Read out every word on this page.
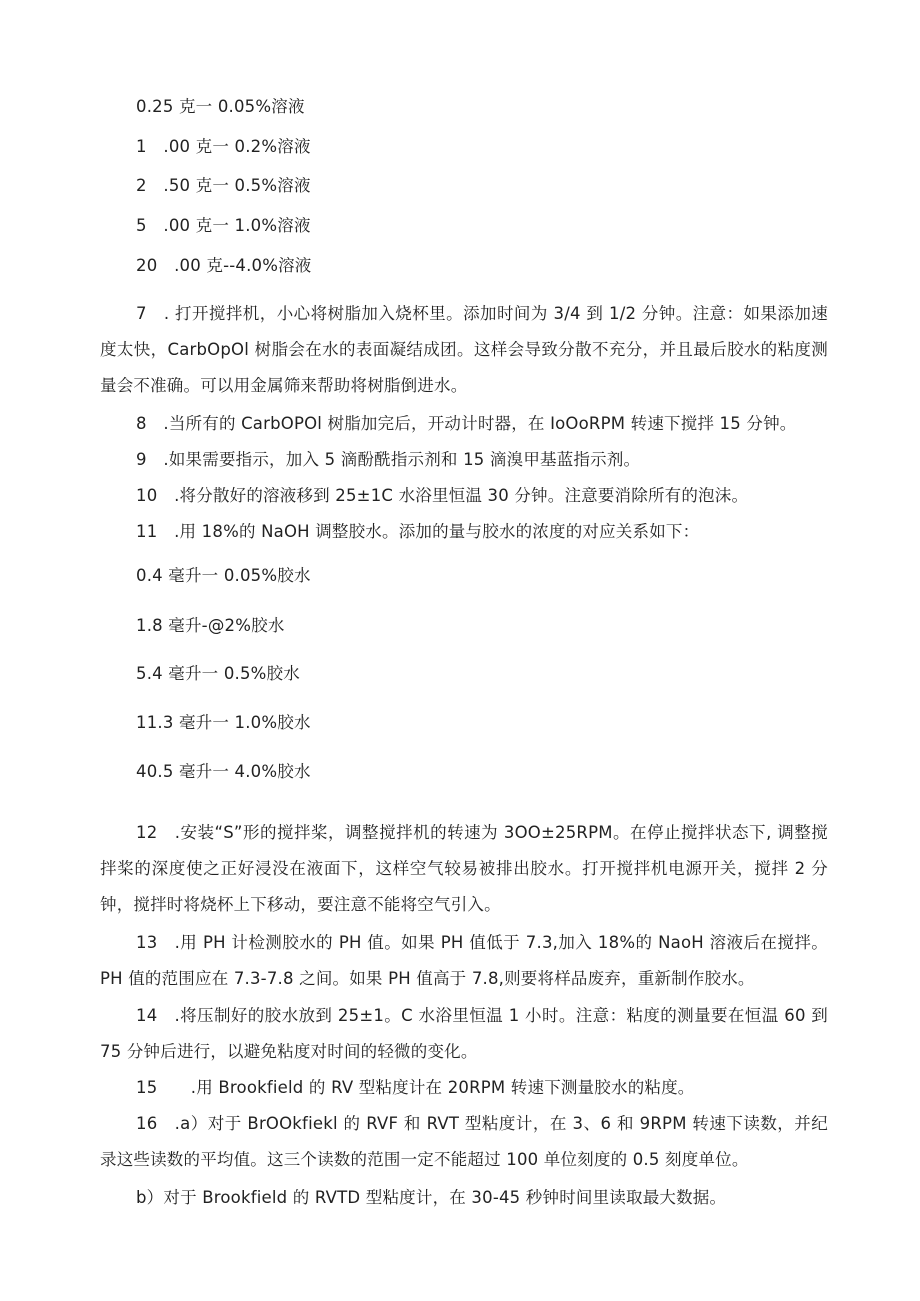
0.25 克一 0.05%溶液
1　.00 克一 0.2%溶液
2　.50 克一 0.5%溶液
5　.00 克一 1.0%溶液
20　.00 克--4.0%溶液
7　. 打开搅拌机，小心将树脂加入烧杯里。添加时间为 3/4 到 1/2 分钟。注意：如果添加速度太快，CarbOpOl 树脂会在水的表面凝结成团。这样会导致分散不充分，并且最后胶水的粘度测量会不准确。可以用金属筛来帮助将树脂倒进水。
8　.当所有的 CarbOPOl 树脂加完后，开动计时器，在 IoOoRPM 转速下搅拌 15 分钟。
9　.如果需要指示，加入 5 滴酚酰指示剂和 15 滴溴甲基蓝指示剂。
10　.将分散好的溶液移到 25±1C 水浴里恒温 30 分钟。注意要消除所有的泡沫。
11　.用 18%的 NaOH 调整胶水。添加的量与胶水的浓度的对应关系如下：
0.4 毫升一 0.05%胶水
1.8 毫升-@2%胶水
5.4 毫升一 0.5%胶水
11.3 毫升一 1.0%胶水
40.5 毫升一 4.0%胶水
12　.安装“S”形的搅拌桨，调整搅拌机的转速为 3OO±25RPM。在停止搅拌状态下, 调整搅拌桨的深度使之正好浸没在液面下，这样空气较易被排出胶水。打开搅拌机电源开关，搅拌 2 分钟，搅拌时将烧杯上下移动，要注意不能将空气引入。
13　.用 PH 计检测胶水的 PH 值。如果 PH 值低于 7.3,加入 18%的 NaoH 溶液后在搅拌。PH 值的范围应在 7.3-7.8 之间。如果 PH 值高于 7.8,则要将样品废弃，重新制作胶水。
14　.将压制好的胶水放到 25±1。C 水浴里恒温 1 小时。注意：粘度的测量要在恒温 60 到 75 分钟后进行，以避免粘度对时间的轻微的变化。
15　　.用 Brookfield 的 RV 型粘度计在 20RPM 转速下测量胶水的粘度。
16　.a）对于 BrOOkfiekl 的 RVF 和 RVT 型粘度计，在 3、6 和 9RPM 转速下读数，并纪录这些读数的平均值。这三个读数的范围一定不能超过 100 单位刻度的 0.5 刻度单位。
b）对于 Brookfield 的 RVTD 型粘度计，在 30-45 秒钟时间里读取最大数据。
